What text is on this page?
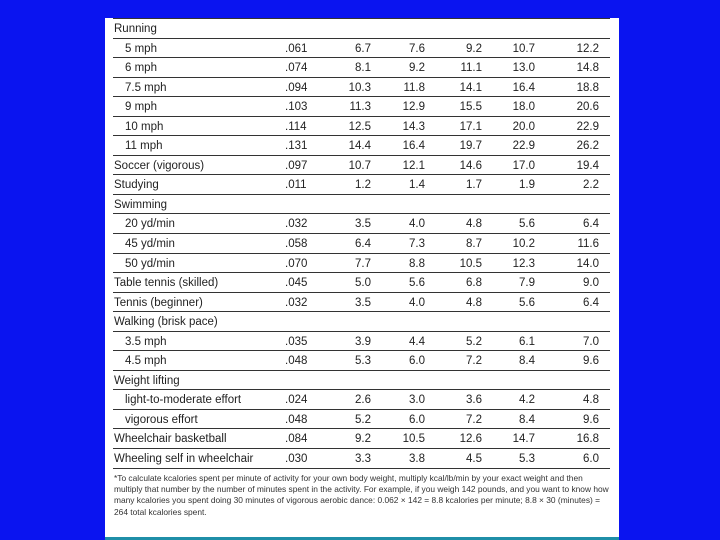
Running
5 mph	.061	6.7	7.6	9.2	10.7	12.2
6 mph	.074	8.1	9.2	11.1	13.0	14.8
7.5 mph	.094	10.3	11.8	14.1	16.4	18.8
9 mph	.103	11.3	12.9	15.5	18.0	20.6
10 mph	.114	12.5	14.3	17.1	20.0	22.9
11 mph	.131	14.4	16.4	19.7	22.9	26.2
Soccer (vigorous)	.097	10.7	12.1	14.6	17.0	19.4
Studying	.011	1.2	1.4	1.7	1.9	2.2
Swimming
20 yd/min	.032	3.5	4.0	4.8	5.6	6.4
45 yd/min	.058	6.4	7.3	8.7	10.2	11.6
50 yd/min	.070	7.7	8.8	10.5	12.3	14.0
Table tennis (skilled)	.045	5.0	5.6	6.8	7.9	9.0
Tennis (beginner)	.032	3.5	4.0	4.8	5.6	6.4
Walking (brisk pace)
3.5 mph	.035	3.9	4.4	5.2	6.1	7.0
4.5 mph	.048	5.3	6.0	7.2	8.4	9.6
Weight lifting
light-to-moderate effort	.024	2.6	3.0	3.6	4.2	4.8
vigorous effort	.048	5.2	6.0	7.2	8.4	9.6
Wheelchair basketball	.084	9.2	10.5	12.6	14.7	16.8
Wheeling self in wheelchair	.030	3.3	3.8	4.5	5.3	6.0
*To calculate kcalories spent per minute of activity for your own body weight, multiply kcal/lb/min by your exact weight and then multiply that number by the number of minutes spent in the activity. For example, if you weigh 142 pounds, and you want to know how many kcalories you spent doing 30 minutes of vigorous aerobic dance: 0.062 × 142 = 8.8 kcalories per minute; 8.8 × 30 (minutes) = 264 total kcalories spent.
